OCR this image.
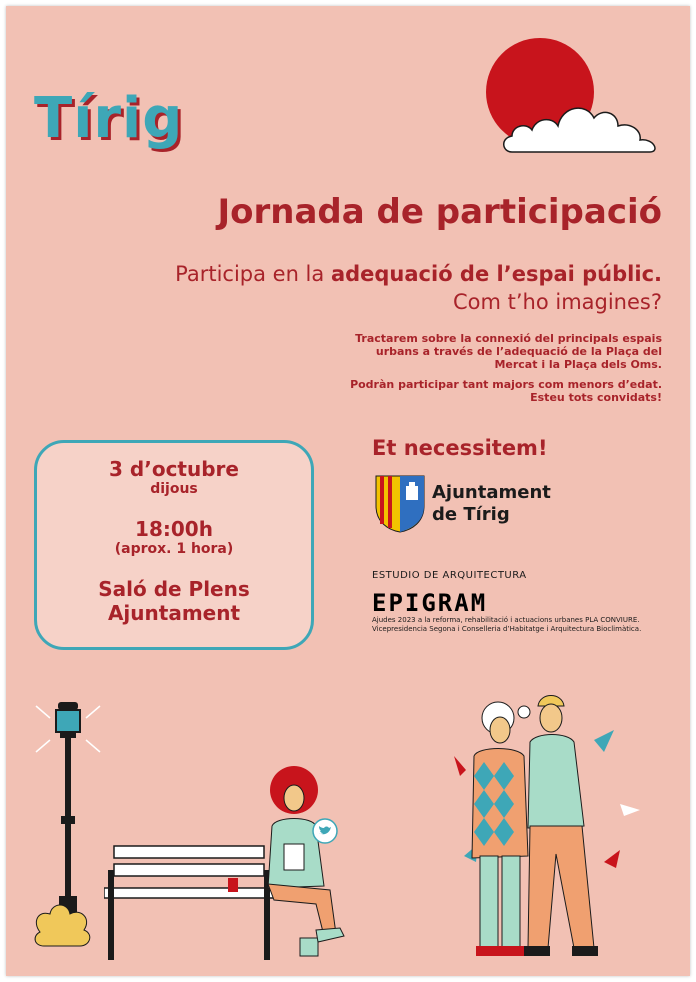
Tírig
Jornada de participació
Participa en la adequació de l’espai públic.
Com t’ho imagines?
Tractarem sobre la connexió del principals espais
urbans a través de l’adequació de la Plaça del
Mercat i la Plaça dels Oms.
Podràn participar tant majors com menors d’edat.
Esteu tots convidats!
3 d’octubre
dijous
18:00h
(aprox. 1 hora)
Saló de Plens
Ajuntament
Et necessitem!
Ajuntament
de Tírig
ESTUDIO DE ARQUITECTURA
EPIGRAM
Ajudes 2023 a la reforma, rehabilitació i actuacions urbanes PLA CONVIURE.
Vicepresidencia Segona i Conselleria d’Habitatge i Arquitectura Bioclimàtica.
